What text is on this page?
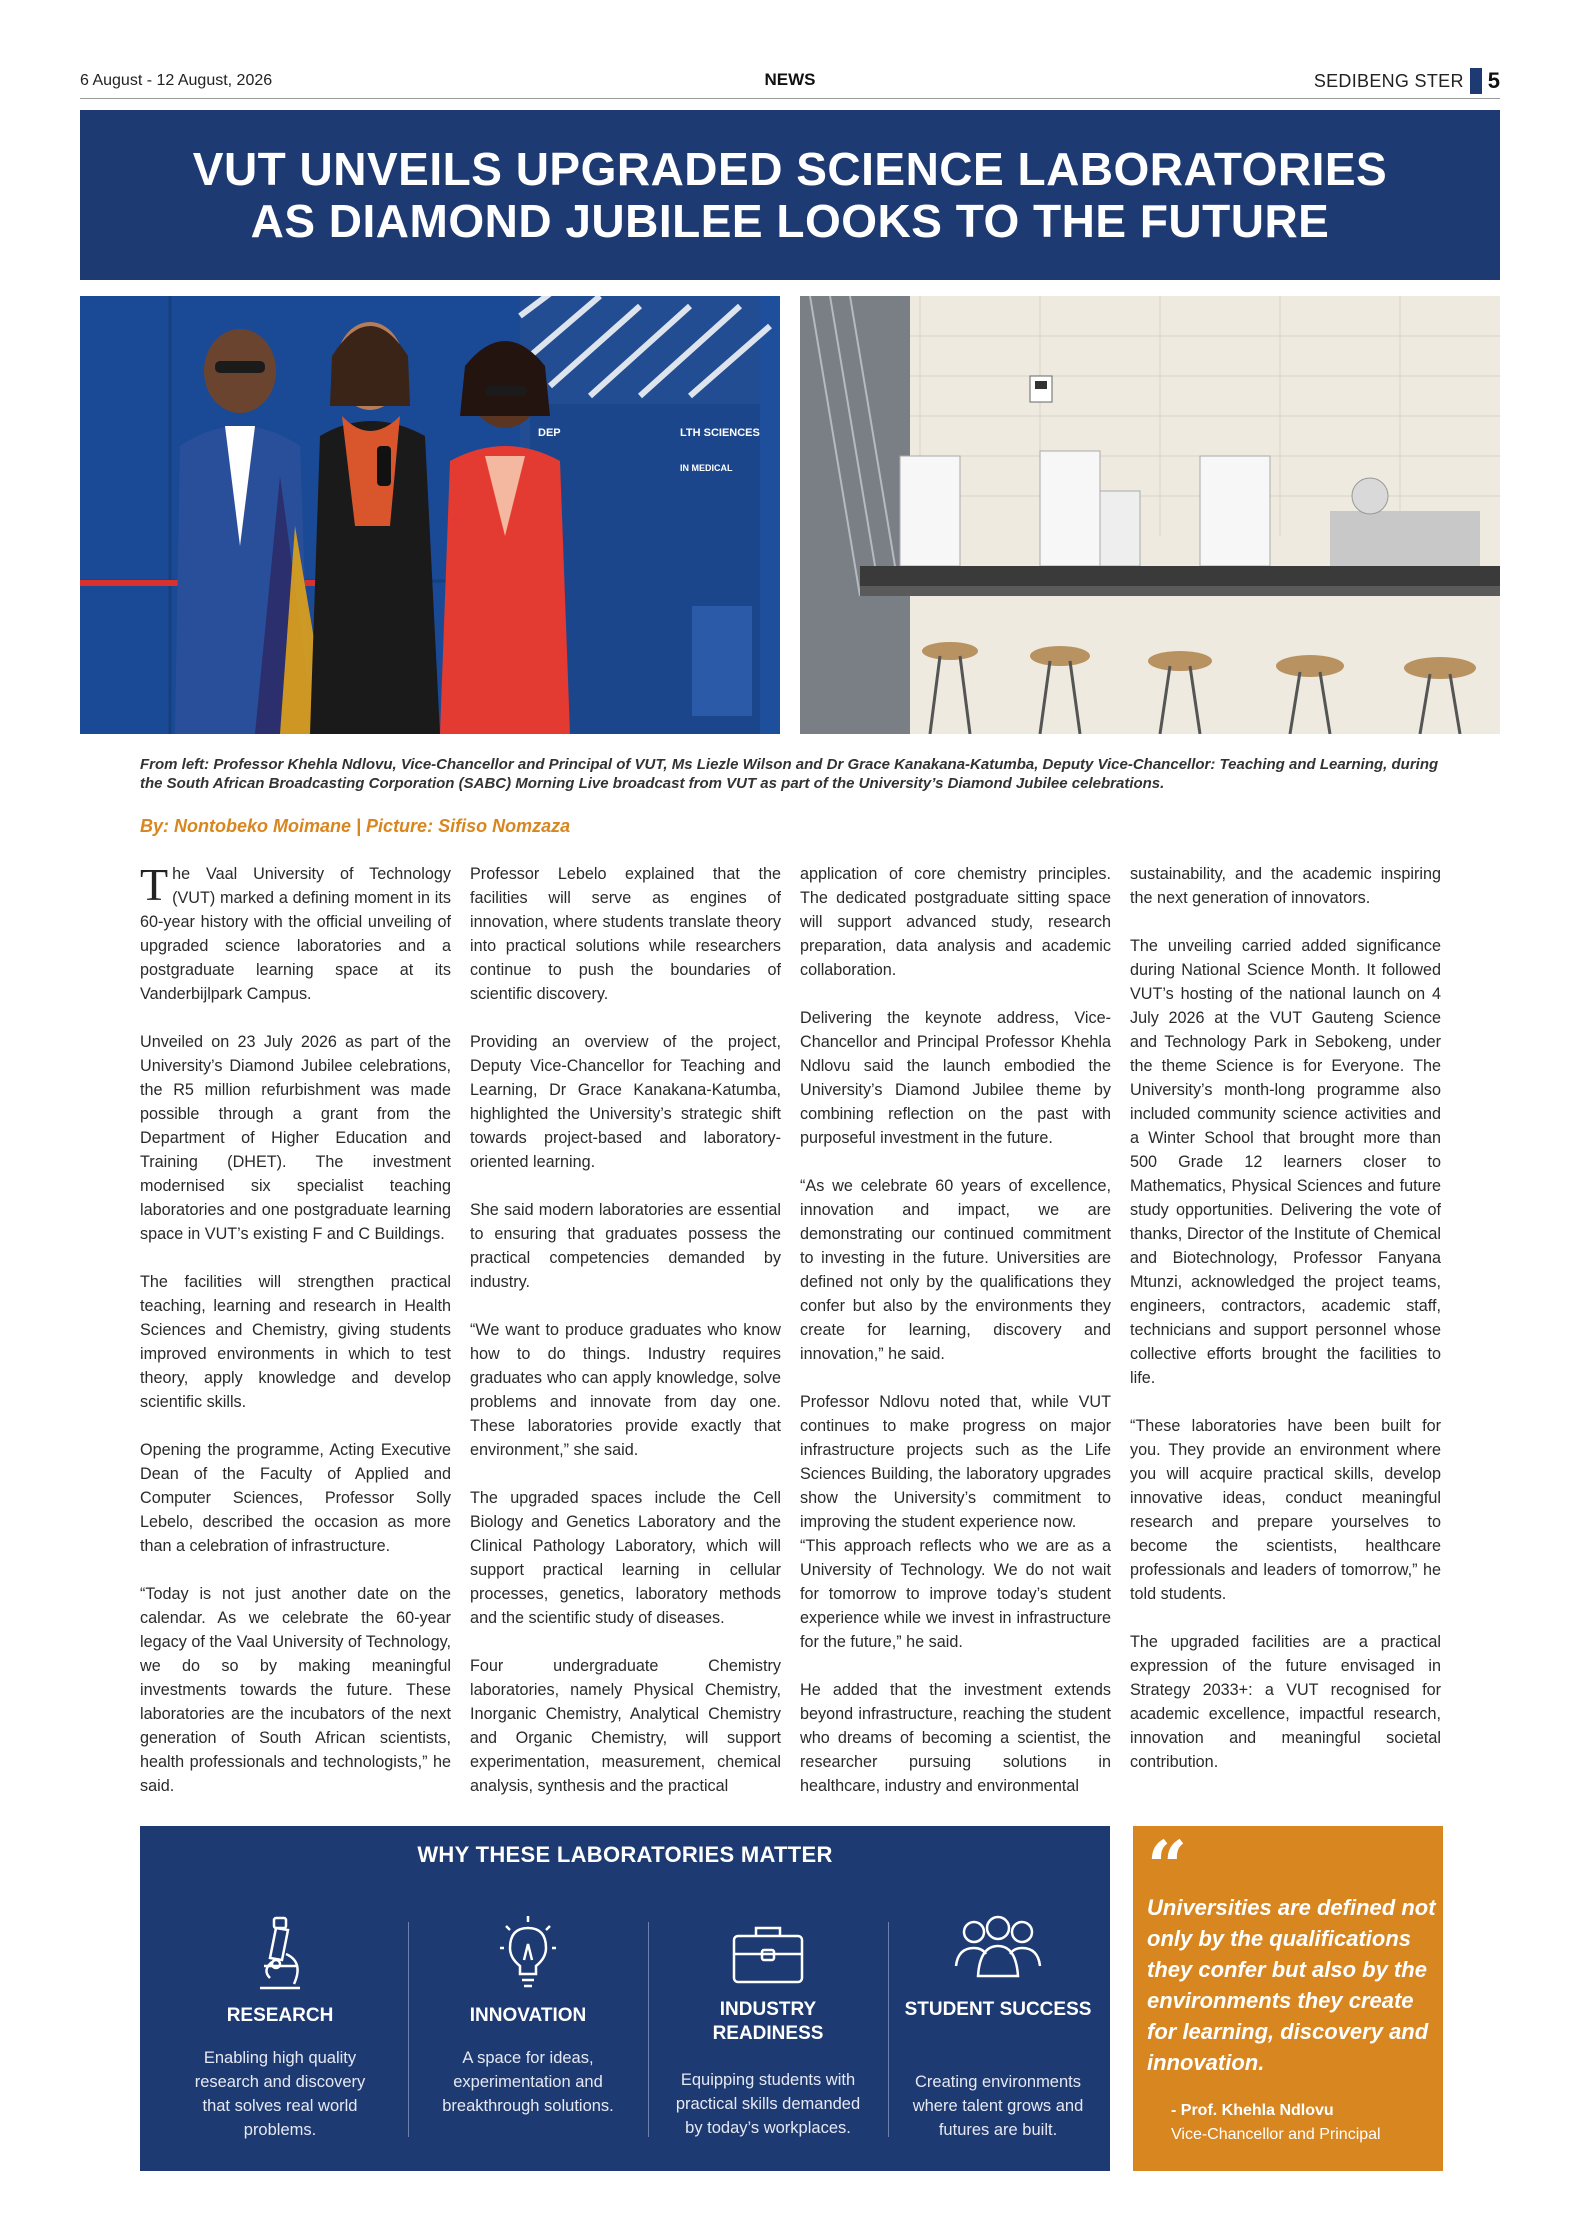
6 August - 12 August, 2026	NEWS	SEDIBENG STER 5
VUT UNVEILS UPGRADED SCIENCE LABORATORIES
AS DIAMOND JUBILEE LOOKS TO THE FUTURE
DEP	LTH SCIENCES
IN MEDICAL
From left: Professor Khehla Ndlovu, Vice-Chancellor and Principal of VUT, Ms Liezle Wilson and Dr Grace Kanakana-Katumba, Deputy Vice-Chancellor: Teaching and Learning, during the South African Broadcasting Corporation (SABC) Morning Live broadcast from VUT as part of the University’s Diamond Jubilee celebrations.
By: Nontobeko Moimane | Picture: Sifiso Nomzaza

The Vaal University of Technology (VUT) marked a defining moment in its 60-year history with the official unveiling of upgraded science laboratories and a postgraduate learning space at its Vanderbijlpark Campus.

Unveiled on 23 July 2026 as part of the University’s Diamond Jubilee celebrations, the R5 million refurbishment was made possible through a grant from the Department of Higher Education and Training (DHET). The investment modernised six specialist teaching laboratories and one postgraduate learning space in VUT’s existing F and C Buildings.

The facilities will strengthen practical teaching, learning and research in Health Sciences and Chemistry, giving students improved environments in which to test theory, apply knowledge and develop scientific skills.

Opening the programme, Acting Executive Dean of the Faculty of Applied and Computer Sciences, Professor Solly Lebelo, described the occasion as more than a celebration of infrastructure.

“Today is not just another date on the calendar. As we celebrate the 60-year legacy of the Vaal University of Technology, we do so by making meaningful investments towards the future. These laboratories are the incubators of the next generation of South African scientists, health professionals and technologists,” he said.

Professor Lebelo explained that the facilities will serve as engines of innovation, where students translate theory into practical solutions while researchers continue to push the boundaries of scientific discovery.

Providing an overview of the project, Deputy Vice-Chancellor for Teaching and Learning, Dr Grace Kanakana-Katumba, highlighted the University’s strategic shift towards project-based and laboratory-oriented learning.

She said modern laboratories are essential to ensuring that graduates possess the practical competencies demanded by industry.

“We want to produce graduates who know how to do things. Industry requires graduates who can apply knowledge, solve problems and innovate from day one. These laboratories provide exactly that environment,” she said.

The upgraded spaces include the Cell Biology and Genetics Laboratory and the Clinical Pathology Laboratory, which will support practical learning in cellular processes, genetics, laboratory methods and the scientific study of diseases.

Four undergraduate Chemistry laboratories, namely Physical Chemistry, Inorganic Chemistry, Analytical Chemistry and Organic Chemistry, will support experimentation, measurement, chemical analysis, synthesis and the practical

application of core chemistry principles. The dedicated postgraduate sitting space will support advanced study, research preparation, data analysis and academic collaboration.

Delivering the keynote address, Vice-Chancellor and Principal Professor Khehla Ndlovu said the launch embodied the University’s Diamond Jubilee theme by combining reflection on the past with purposeful investment in the future.

“As we celebrate 60 years of excellence, innovation and impact, we are demonstrating our continued commitment to investing in the future. Universities are defined not only by the qualifications they confer but also by the environments they create for learning, discovery and innovation,” he said.

Professor Ndlovu noted that, while VUT continues to make progress on major infrastructure projects such as the Life Sciences Building, the laboratory upgrades show the University’s commitment to improving the student experience now.

“This approach reflects who we are as a University of Technology. We do not wait for tomorrow to improve today’s student experience while we invest in infrastructure for the future,” he said.

He added that the investment extends beyond infrastructure, reaching the student who dreams of becoming a scientist, the researcher pursuing solutions in healthcare, industry and environmental

sustainability, and the academic inspiring the next generation of innovators.

The unveiling carried added significance during National Science Month. It followed VUT’s hosting of the national launch on 4 July 2026 at the VUT Gauteng Science and Technology Park in Sebokeng, under the theme Science is for Everyone. The University’s month-long programme also included community science activities and a Winter School that brought more than 500 Grade 12 learners closer to Mathematics, Physical Sciences and future study opportunities. Delivering the vote of thanks, Director of the Institute of Chemical and Biotechnology, Professor Fanyana Mtunzi, acknowledged the project teams, engineers, contractors, academic staff, technicians and support personnel whose collective efforts brought the facilities to life.

“These laboratories have been built for you. They provide an environment where you will acquire practical skills, develop innovative ideas, conduct meaningful research and prepare yourselves to become the scientists, healthcare professionals and leaders of tomorrow,” he told students.

The upgraded facilities are a practical expression of the future envisaged in Strategy 2033+: a VUT recognised for academic excellence, impactful research, innovation and meaningful societal contribution.

WHY THESE LABORATORIES MATTER
RESEARCH
Enabling high quality research and discovery that solves real world problems.
INNOVATION
A space for ideas, experimentation and breakthrough solutions.
INDUSTRY READINESS
Equipping students with practical skills demanded by today’s workplaces.
STUDENT SUCCESS
Creating environments where talent grows and futures are built.
“
Universities are defined not only by the qualifications they confer but also by the environments they create for learning, discovery and innovation.
- Prof. Khehla Ndlovu
Vice-Chancellor and Principal
